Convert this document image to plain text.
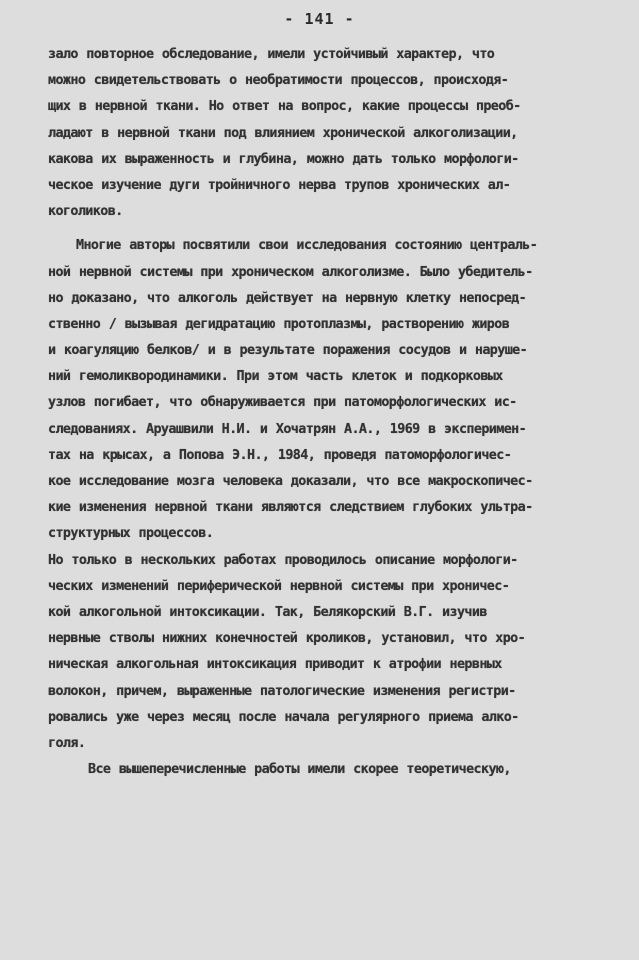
- 141 -
зало повторное обследование, имели устойчивый характер, что
можно свидетельствовать о необратимости процессов, происходя-
щих в нервной ткани. Но ответ на вопрос, какие процессы преоб-
ладают в нервной ткани под влиянием хронической алкоголизации,
какова их выраженность и глубина, можно дать только морфологи-
ческое изучение дуги тройничного нерва трупов хронических ал-
коголиков.
Многие авторы посвятили свои исследования состоянию централь-
ной нервной системы при хроническом алкоголизме. Было убедитель-
но доказано, что алкоголь действует на нервную клетку непосред-
ственно / вызывая дегидратацию протоплазмы, растворению жиров
и коагуляцию белков/ и в результате поражения сосудов и наруше-
ний гемоликвородинамики. При этом часть клеток и подкорковых
узлов погибает, что обнаруживается при патоморфологических ис-
следованиях. Аруашвили Н.И. и Хочатрян А.А., 1969 в эксперимен-
тах на крысах, а Попова Э.Н., 1984, проведя патоморфологичес-
кое исследование мозга человека доказали, что все макроскопичес-
кие изменения нервной ткани являются следствием глубоких ультра-
структурных процессов.
Но только в нескольких работах проводилось описание морфологи-
ческих изменений периферической нервной системы при хроничес-
кой алкогольной интоксикации. Так, Белякорский В.Г. изучив
нервные стволы нижних конечностей кроликов, установил, что хро-
ническая алкогольная интоксикация приводит к атрофии нервных
волокон, причем, выраженные патологические изменения регистри-
ровались уже через месяц после начала регулярного приема алко-
голя.
Все вышеперечисленные работы имели скорее теоретическую,
